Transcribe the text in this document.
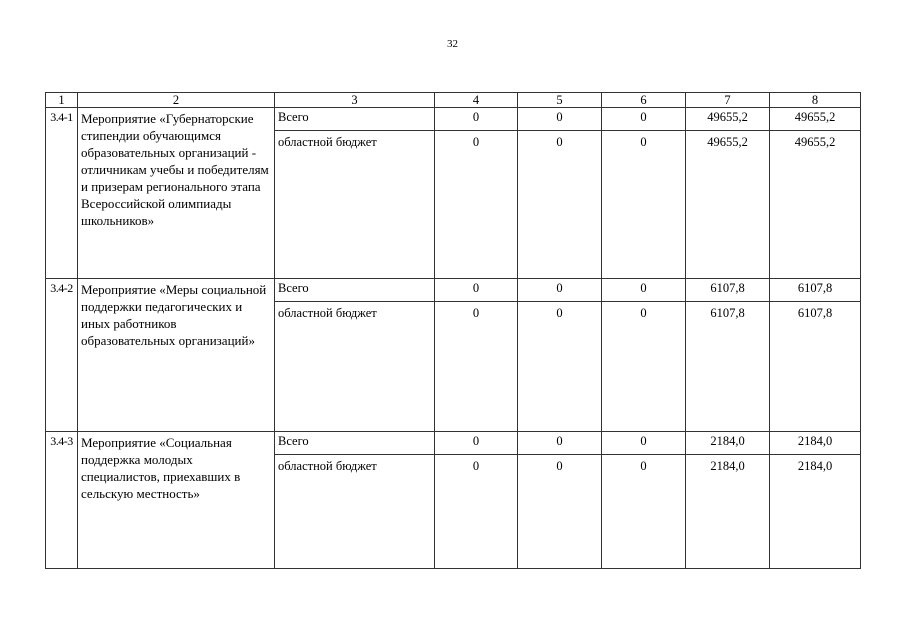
32
1	2	3	4	5	6	7	8
3.4-1	Мероприятие «Губернаторские стипендии обучающимся образовательных организаций - отличникам учебы и победителям и призерам регионального этапа Всероссийской олимпиады школьников»	Всего	0	0	0	49655,2	49655,2
		областной бюджет	0	0	0	49655,2	49655,2
3.4-2	Мероприятие «Меры социальной поддержки педагогических и иных работников образовательных организаций»	Всего	0	0	0	6107,8	6107,8
		областной бюджет	0	0	0	6107,8	6107,8
3.4-3	Мероприятие «Социальная поддержка молодых специалистов, приехавших в сельскую местность»	Всего	0	0	0	2184,0	2184,0
		областной бюджет	0	0	0	2184,0	2184,0
